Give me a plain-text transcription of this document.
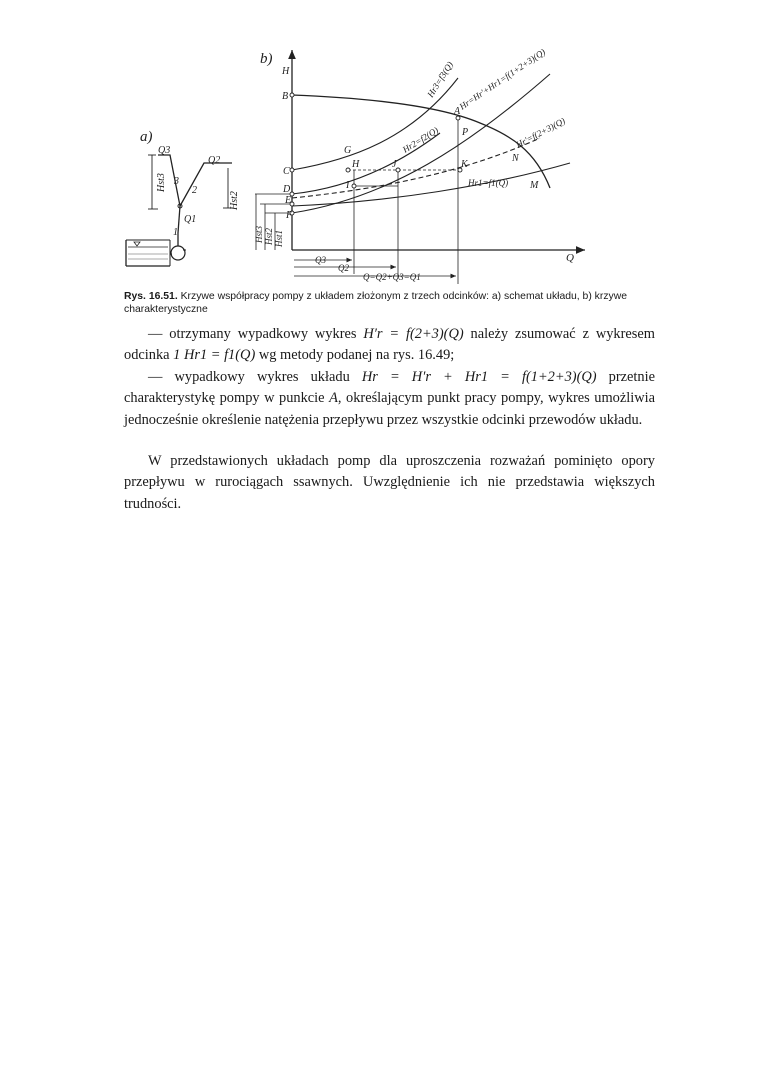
a)
Hst3
Hst2
Q3
Q2
Q1
3
2
1
b)
H
Q
Hst3 Hst2 Hst1
Q3
Q2
Q=Q2+Q3=Q1
B
C
D
E
F
G
H
I
J
A
P
K
N
M
Hr3=f3(Q) Hr=Hr'+Hr1=f(1+2+3)(Q)
Hr2=f2(Q)	Hr'=f(2+3)(Q)
Hr1=f1(Q)
Rys. 16.51. Krzywe współpracy pompy z układem złożonym z trzech odcinków: a) schemat układu, b) krzywe charakterystyczne

— otrzymany wypadkowy wykres H′r = f(2+3)(Q) należy zsumować z wykresem odcinka 1 Hr1 = f1(Q) wg metody podanej na rys. 16.49;

— wypadkowy wykres układu Hr = H′r + Hr1 = f(1+2+3)(Q) przetnie charakterystykę pompy w punkcie A, określającym punkt pracy pompy, wykres umożliwia jednocześnie określenie natężenia przepływu przez wszystkie odcinki przewodów układu.

W przedstawionych układach pomp dla uproszczenia rozważań pominięto opory przepływu w rurociągach ssawnych. Uwzględnienie ich nie przedstawia większych trudności.
